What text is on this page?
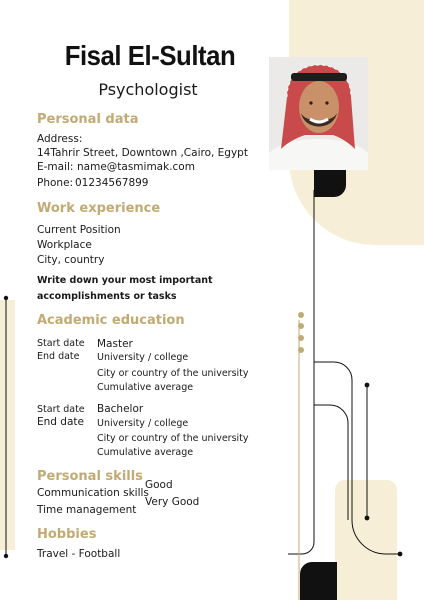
Fisal El-Sultan
Psychologist
Personal data
Address:
14Tahrir Street, Downtown ,Cairo, Egypt
E-mail: name@tasmimak.com
Phone: 01234567899
Work experience
Current Position
Workplace
City, country
Write down your most important
accomplishments or tasks
Academic education
Start date
End date
Master
University / college
City or country of the university
Cumulative average
Start date
End date
Bachelor
University / college
City or country of the university
Cumulative average
Personal skills
Communication skills
Time management
Good
Very Good
Hobbies
Travel - Football
